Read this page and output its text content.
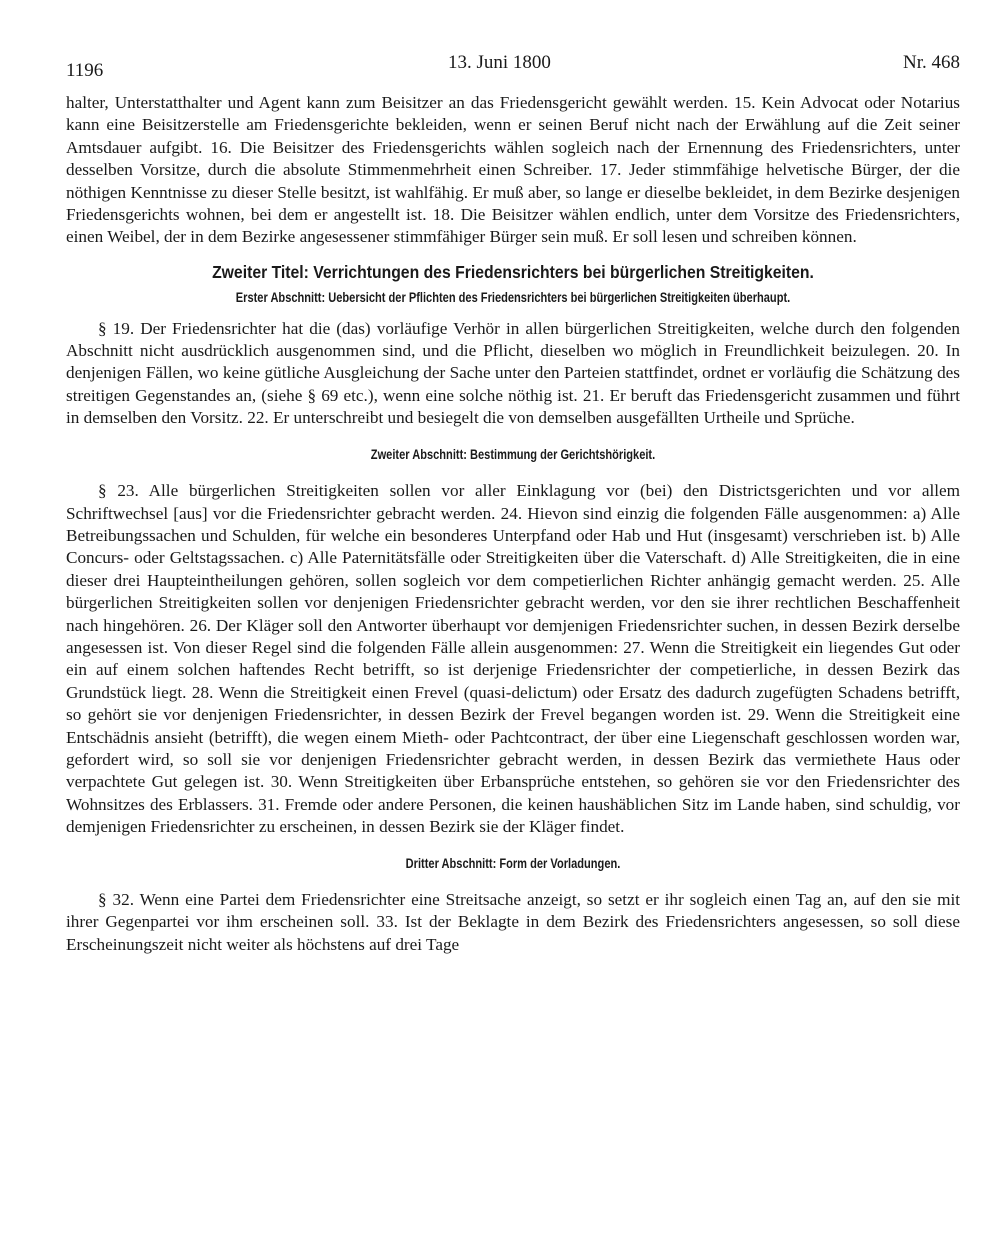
1196	13. Juni 1800	Nr. 468

halter, Unterstatthalter und Agent kann zum Beisitzer an das Friedensgericht gewählt werden. 15. Kein Advocat oder Notarius kann eine Beisitzerstelle am Friedensgerichte bekleiden, wenn er seinen Beruf nicht nach der Erwählung auf die Zeit seiner Amtsdauer aufgibt. 16. Die Beisitzer des Friedensgerichts wählen sogleich nach der Ernennung des Friedensrichters, unter desselben Vorsitze, durch die absolute Stimmenmehrheit einen Schreiber. 17. Jeder stimmfähige helvetische Bürger, der die nöthigen Kenntnisse zu dieser Stelle besitzt, ist wahlfähig. Er muß aber, so lange er dieselbe bekleidet, in dem Bezirke desjenigen Friedensgerichts wohnen, bei dem er angestellt ist. 18. Die Beisitzer wählen endlich, unter dem Vorsitze des Friedensrichters, einen Weibel, der in dem Bezirke angesessener stimmfähiger Bürger sein muß. Er soll lesen und schreiben können.

Zweiter Titel: Verrichtungen des Friedensrichters bei bürgerlichen Streitigkeiten.
Erster Abschnitt: Uebersicht der Pflichten des Friedensrichters bei bürgerlichen Streitigkeiten überhaupt.

§ 19. Der Friedensrichter hat die (das) vorläufige Verhör in allen bürgerlichen Streitigkeiten, welche durch den folgenden Abschnitt nicht ausdrücklich ausgenommen sind, und die Pflicht, dieselben wo möglich in Freundlichkeit beizulegen. 20. In denjenigen Fällen, wo keine gütliche Ausgleichung der Sache unter den Parteien stattfindet, ordnet er vorläufig die Schätzung des streitigen Gegenstandes an, (siehe § 69 etc.), wenn eine solche nöthig ist. 21. Er beruft das Friedensgericht zusammen und führt in demselben den Vorsitz. 22. Er unterschreibt und besiegelt die von demselben ausgefällten Urtheile und Sprüche.

Zweiter Abschnitt: Bestimmung der Gerichtshörigkeit.

§ 23. Alle bürgerlichen Streitigkeiten sollen vor aller Einklagung vor (bei) den Districtsgerichten und vor allem Schriftwechsel [aus] vor die Friedensrichter gebracht werden. 24. Hievon sind einzig die folgenden Fälle ausgenommen: a) Alle Betreibungssachen und Schulden, für welche ein besonderes Unterpfand oder Hab und Hut (insgesamt) verschrieben ist. b) Alle Concurs- oder Geltstagssachen. c) Alle Paternitätsfälle oder Streitigkeiten über die Vaterschaft. d) Alle Streitigkeiten, die in eine dieser drei Haupteintheilungen gehören, sollen sogleich vor dem competierlichen Richter anhängig gemacht werden. 25. Alle bürgerlichen Streitigkeiten sollen vor denjenigen Friedensrichter gebracht werden, vor den sie ihrer rechtlichen Beschaffenheit nach hingehören. 26. Der Kläger soll den Antworter überhaupt vor demjenigen Friedensrichter suchen, in dessen Bezirk derselbe angesessen ist. Von dieser Regel sind die folgenden Fälle allein ausgenommen: 27. Wenn die Streitigkeit ein liegendes Gut oder ein auf einem solchen haftendes Recht betrifft, so ist derjenige Friedensrichter der competierliche, in dessen Bezirk das Grundstück liegt. 28. Wenn die Streitigkeit einen Frevel (quasi-delictum) oder Ersatz des dadurch zugefügten Schadens betrifft, so gehört sie vor denjenigen Friedensrichter, in dessen Bezirk der Frevel begangen worden ist. 29. Wenn die Streitigkeit eine Entschädnis ansieht (betrifft), die wegen einem Mieth- oder Pachtcontract, der über eine Liegenschaft geschlossen worden war, gefordert wird, so soll sie vor denjenigen Friedensrichter gebracht werden, in dessen Bezirk das vermiethete Haus oder verpachtete Gut gelegen ist. 30. Wenn Streitigkeiten über Erbansprüche entstehen, so gehören sie vor den Friedensrichter des Wohnsitzes des Erblassers. 31. Fremde oder andere Personen, die keinen haushäblichen Sitz im Lande haben, sind schuldig, vor demjenigen Friedensrichter zu erscheinen, in dessen Bezirk sie der Kläger findet.

Dritter Abschnitt: Form der Vorladungen.

§ 32. Wenn eine Partei dem Friedensrichter eine Streitsache anzeigt, so setzt er ihr sogleich einen Tag an, auf den sie mit ihrer Gegenpartei vor ihm erscheinen soll. 33. Ist der Beklagte in dem Bezirk des Friedensrichters angesessen, so soll diese Erscheinungszeit nicht weiter als höchstens auf drei Tage
